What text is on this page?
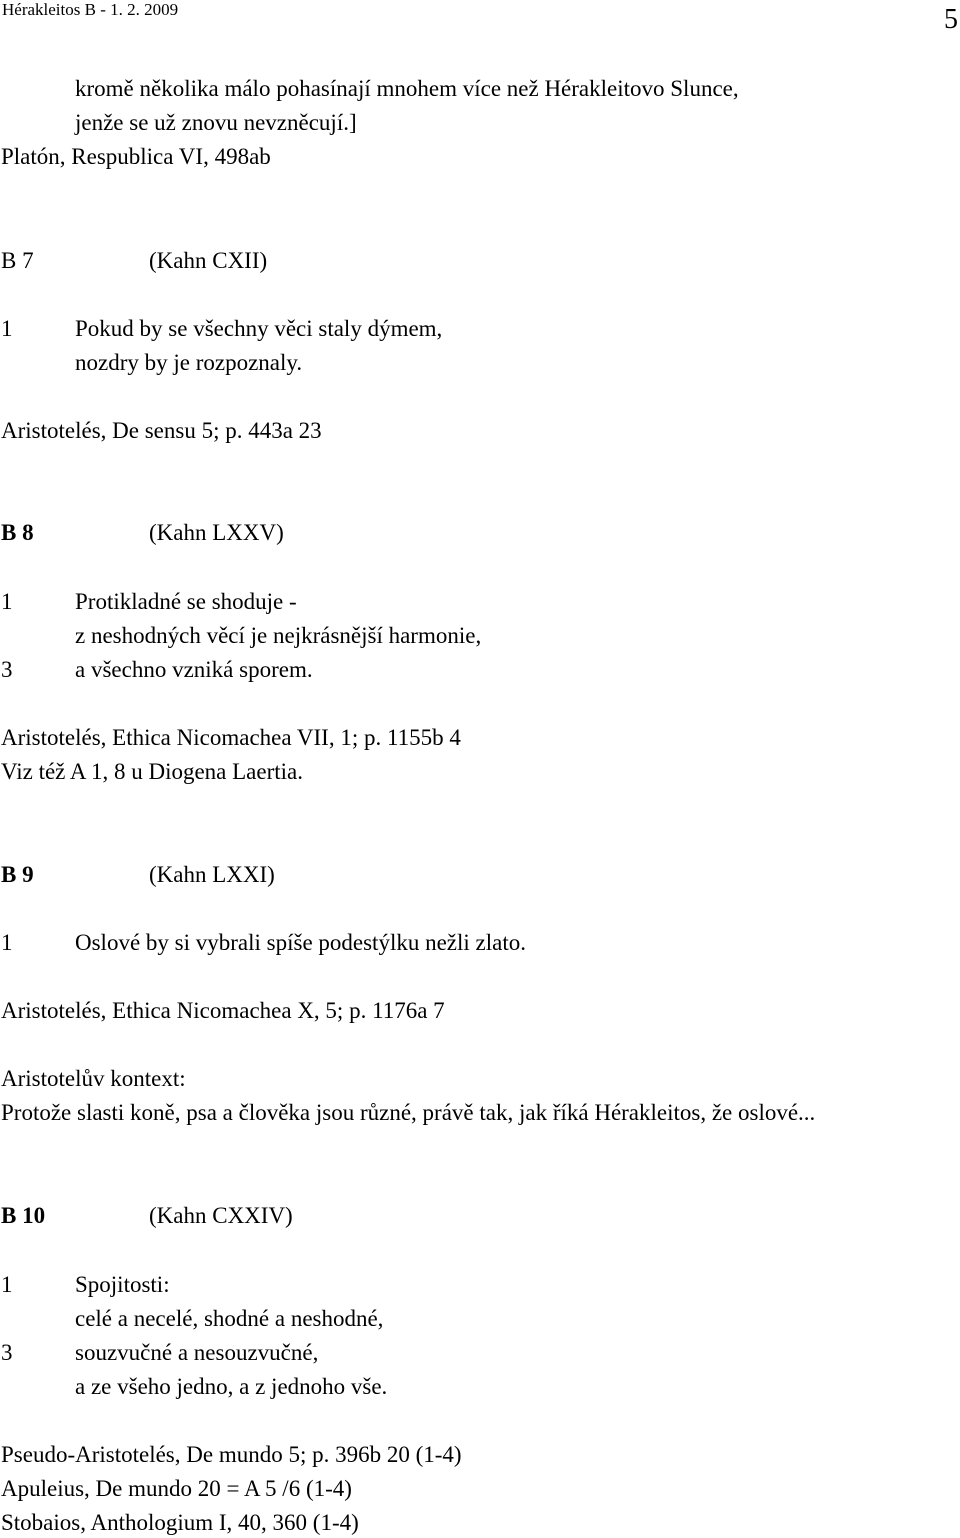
Hérakleitos B - 1. 2. 2009	5
kromě několika málo pohasínají mnohem více než Hérakleitovo Slunce,
jenže se už znovu nevzněcují.]
Platón, Respublica VI, 498ab
B 7	(Kahn CXII)
1	Pokud by se všechny věci staly dýmem,
nozdry by je rozpoznaly.
Aristotelés, De sensu 5; p. 443a 23
B 8	(Kahn LXXV)
1	Protikladné se shoduje -
z neshodných věcí je nejkrásnější harmonie,
3	a všechno vzniká sporem.
Aristotelés, Ethica Nicomachea VII, 1; p. 1155b 4
Viz též A 1, 8 u Diogena Laertia.
B 9	(Kahn LXXI)
1	Oslové by si vybrali spíše podestýlku nežli zlato.
Aristotelés, Ethica Nicomachea X, 5; p. 1176a 7
Aristotelův kontext:
Protože slasti koně, psa a člověka jsou různé, právě tak, jak říká Hérakleitos, že oslové...
B 10	(Kahn CXXIV)
1	Spojitosti:
celé a necelé, shodné a neshodné,
3	souzvučné a nesouzvučné,
a ze všeho jedno, a z jednoho vše.
Pseudo-Aristotelés, De mundo 5; p. 396b 20 (1-4)
Apuleius, De mundo 20 = A 5 /6 (1-4)
Stobaios, Anthologium I, 40, 360 (1-4)
